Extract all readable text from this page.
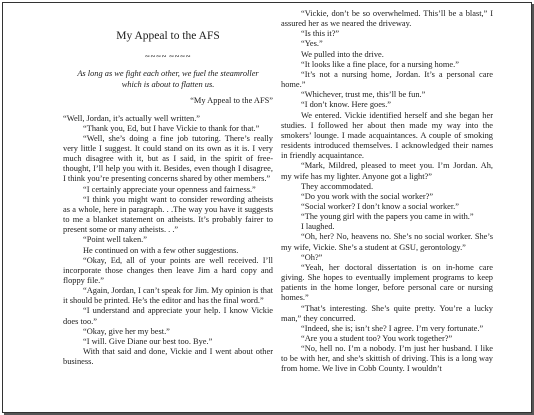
My Appeal to the AFS
∾∾∾∾ ∾∾∾∾
As long as we fight each other, we fuel the steamroller
which is about to flatten us.
“My Appeal to the AFS”

“Well, Jordan, it’s actually well written.”

“Thank you, Ed, but I have Vickie to thank for that.”

“Well, she’s doing a fine job tutoring. There’s really very little I suggest. It could stand on its own as it is. I very much disagree with it, but as I said, in the spirit of free-thought, I’ll help you with it. Besides, even though I disagree, I think you’re presenting concerns shared by other members.”

“I certainly appreciate your openness and fairness.”

“I think you might want to consider rewording atheists as a whole, here in paragraph. . .The way you have it suggests to me a blanket statement on atheists. It’s probably fairer to present some or many atheists. . .”

“Point well taken.”

He continued on with a few other suggestions.

“Okay, Ed, all of your points are well received. I’ll incorporate those changes then leave Jim a hard copy and floppy file.”

“Again, Jordan, I can’t speak for Jim. My opinion is that it should be printed. He’s the editor and has the final word.”

“I understand and appreciate your help. I know Vickie does too.”

“Okay, give her my best.”

“I will. Give Diane our best too. Bye.”

With that said and done, Vickie and I went about other business.

“Vickie, don’t be so overwhelmed. This’ll be a blast,” I assured her as we neared the driveway.

“Is this it?”

“Yes.”

We pulled into the drive.

“It looks like a fine place, for a nursing home.”

“It’s not a nursing home, Jordan. It’s a personal care home.”

“Whichever, trust me, this’ll be fun.”

“I don’t know. Here goes.”

We entered. Vickie identified herself and she began her studies. I followed her about then made my way into the smokers’ lounge. I made acquaintances. A couple of smoking residents introduced themselves. I acknowledged their names in friendly acquaintance.

“Mark, Mildred, pleased to meet you. I’m Jordan. Ah, my wife has my lighter. Anyone got a light?”

They accommodated.

“Do you work with the social worker?”

“Social worker? I don’t know a social worker.”

“The young girl with the papers you came in with.”

I laughed.

“Oh, her? No, heavens no. She’s no social worker. She’s my wife, Vickie. She’s a student at GSU, gerontology.”

“Oh?”

“Yeah, her doctoral dissertation is on in-home care giving. She hopes to eventually implement programs to keep patients in the home longer, before personal care or nursing homes.”

“That’s interesting. She’s quite pretty. You’re a lucky man,” they concurred.

“Indeed, she is; isn’t she? I agree. I’m very fortunate.”

“Are you a student too? You work together?”

“No, hell no. I’m a nobody. I’m just her husband. I like to be with her, and she’s skittish of driving. This is a long way from home. We live in Cobb County. I wouldn’t
